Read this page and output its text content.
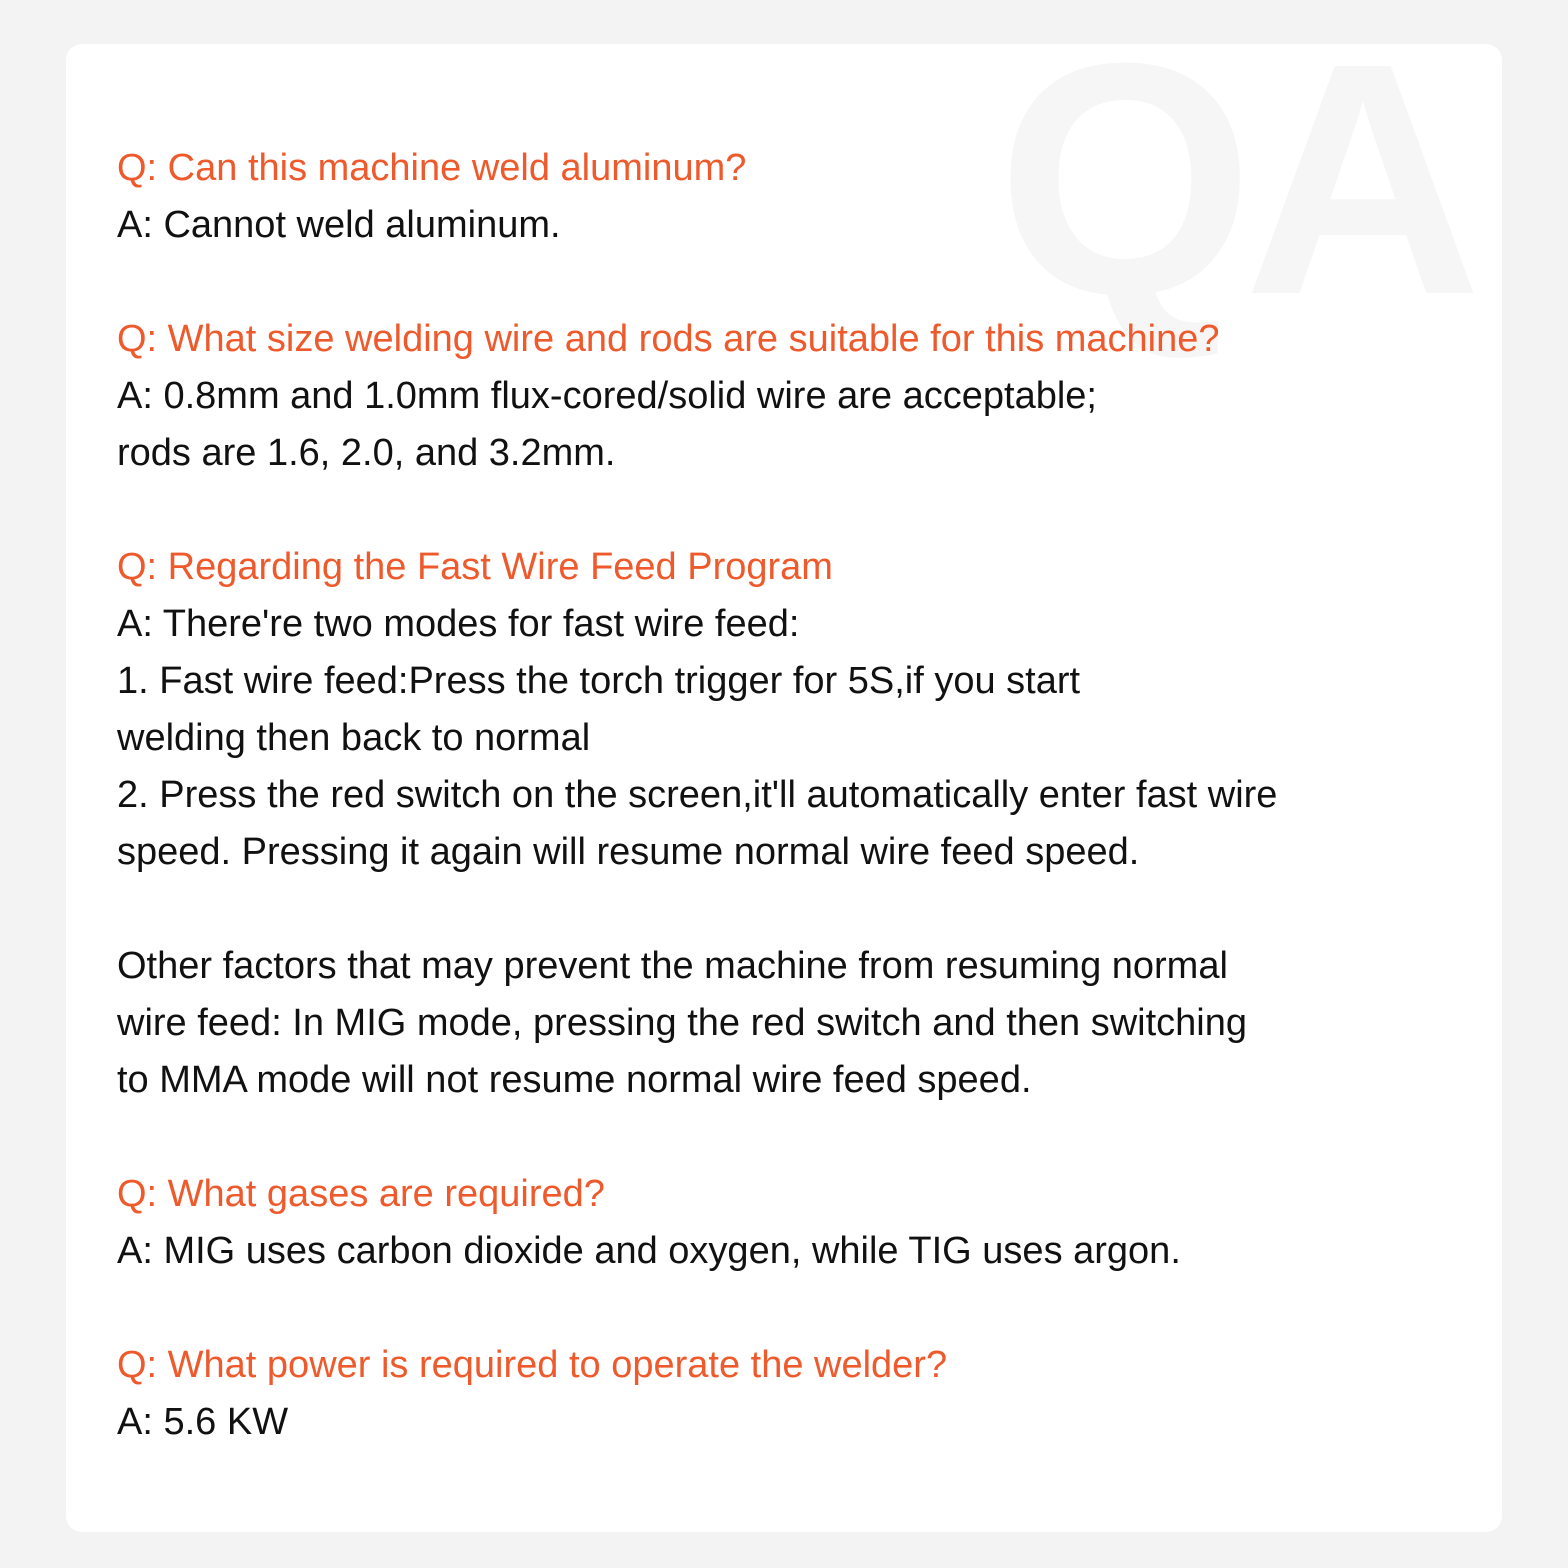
QA

Q: Can this machine weld aluminum?

A: Cannot weld aluminum.

Q: What size welding wire and rods are suitable for this machine?

A: 0.8mm and 1.0mm flux-cored/solid wire are acceptable;
rods are 1.6, 2.0, and 3.2mm.

Q: Regarding the Fast Wire Feed Program

A: There're two modes for fast wire feed:
1. Fast wire feed:Press the torch trigger for 5S,if you start
welding then back to normal
2. Press the red switch on the screen,it'll automatically enter fast wire
speed. Pressing it again will resume normal wire feed speed.

Other factors that may prevent the machine from resuming normal
wire feed: In MIG mode, pressing the red switch and then switching
to MMA mode will not resume normal wire feed speed.

Q: What gases are required?

A: MIG uses carbon dioxide and oxygen, while TIG uses argon.

Q: What power is required to operate the welder?

A: 5.6 KW
